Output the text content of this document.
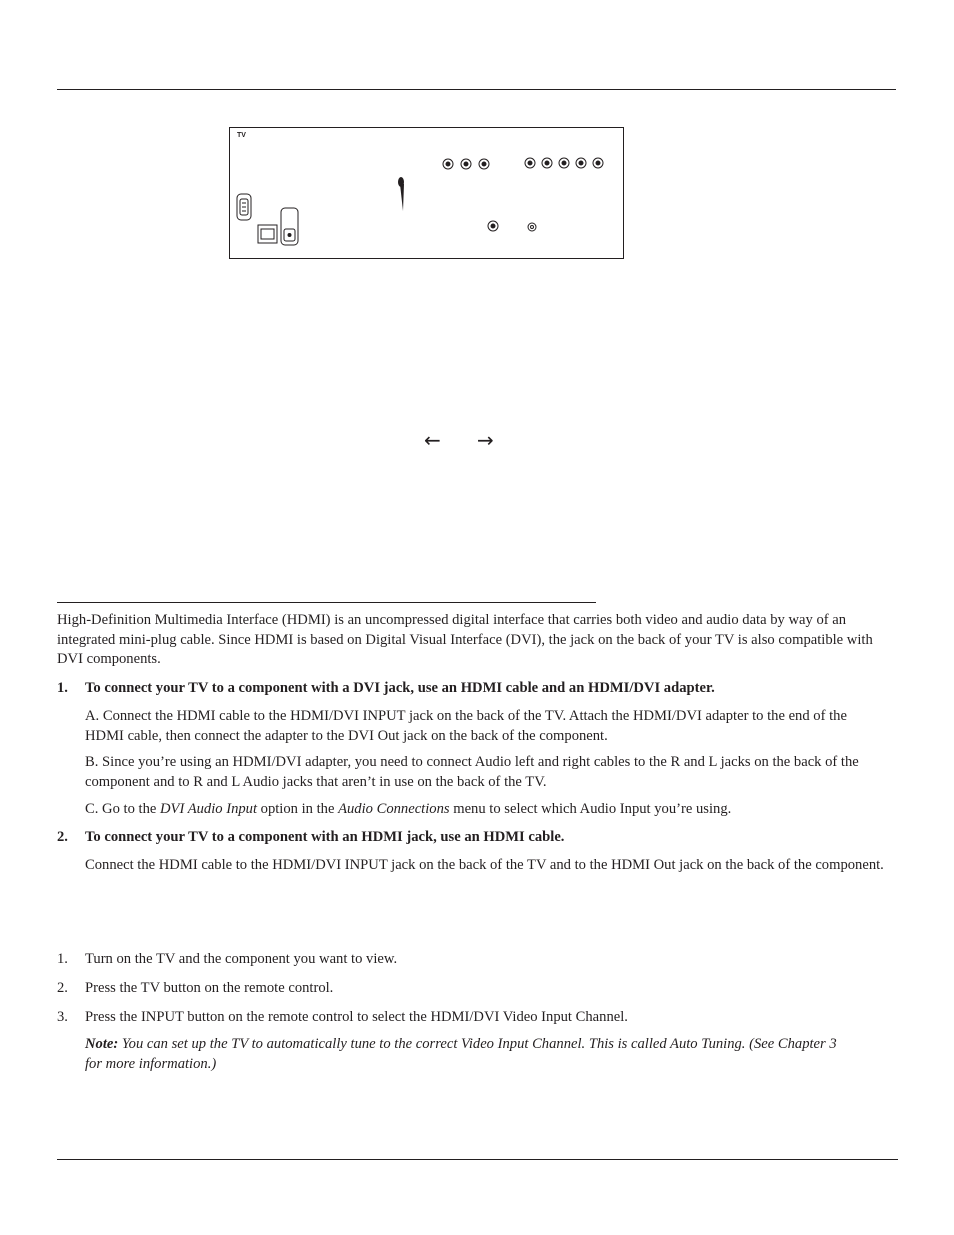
TV
← →

High-Definition Multimedia Interface (HDMI) is an uncompressed digital interface that carries both video and audio data by way of an integrated mini-plug cable. Since HDMI is based on Digital Visual Interface (DVI), the jack on the back of your TV is also compatible with DVI components.

1. To connect your TV to a component with a DVI jack, use an HDMI cable and an HDMI/DVI adapter.
A. Connect the HDMI cable to the HDMI/DVI INPUT jack on the back of the TV. Attach the HDMI/DVI adapter to the end of the HDMI cable, then connect the adapter to the DVI Out jack on the back of the component.
B. Since you’re using an HDMI/DVI adapter, you need to connect Audio left and right cables to the R and L jacks on the back of the component and to R and L Audio jacks that aren’t in use on the back of the TV.
C. Go to the DVI Audio Input option in the Audio Connections menu to select which Audio Input you’re using.
2. To connect your TV to a component with an HDMI jack, use an HDMI cable.
Connect the HDMI cable to the HDMI/DVI INPUT jack on the back of the TV and to the HDMI Out jack on the back of the component.
1. Turn on the TV and the component you want to view.
2. Press the TV button on the remote control.
3. Press the INPUT button on the remote control to select the HDMI/DVI Video Input Channel.
Note: You can set up the TV to automatically tune to the correct Video Input Channel. This is called Auto Tuning. (See Chapter 3 for more information.)
